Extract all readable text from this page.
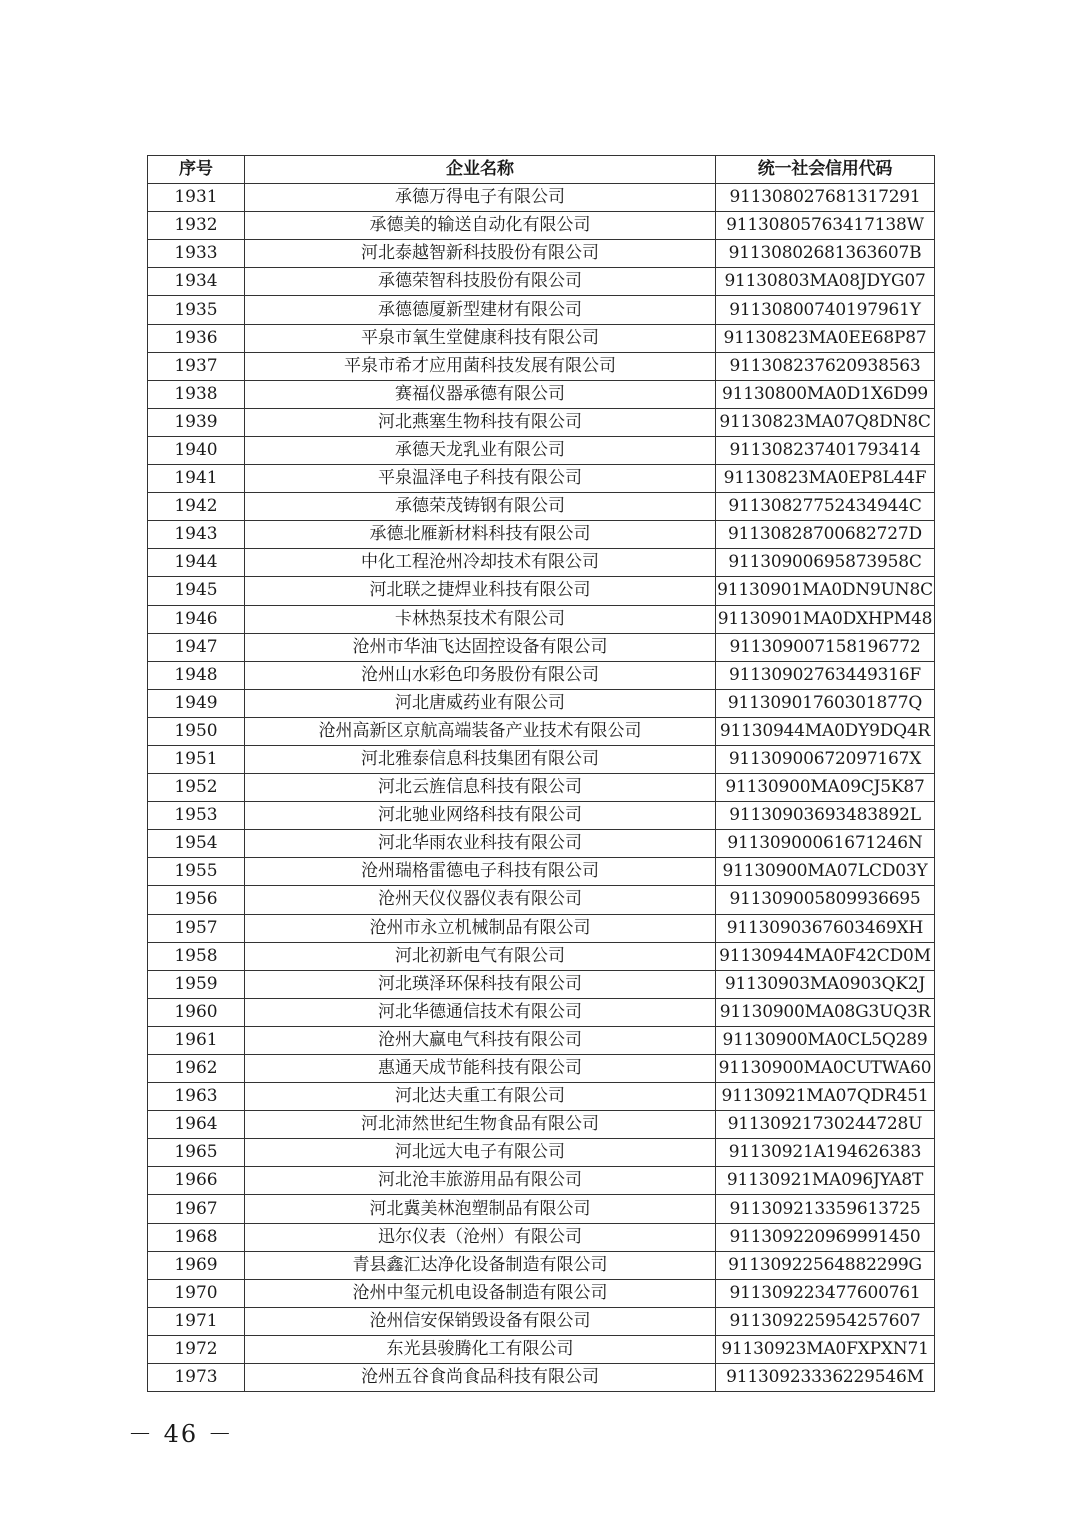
序号	企业名称	统一社会信用代码
1931	承德万得电子有限公司	911308027681317291
1932	承德美的输送自动化有限公司	91130805763417138W
1933	河北泰越智新科技股份有限公司	91130802681363607B
1934	承德荣智科技股份有限公司	91130803MA08JDYG07
1935	承德德厦新型建材有限公司	91130800740197961Y
1936	平泉市氧生堂健康科技有限公司	91130823MA0EE68P87
1937	平泉市希才应用菌科技发展有限公司	911308237620938563
1938	赛福仪器承德有限公司	91130800MA0D1X6D99
1939	河北燕塞生物科技有限公司	91130823MA07Q8DN8C
1940	承德天龙乳业有限公司	911308237401793414
1941	平泉温泽电子科技有限公司	91130823MA0EP8L44F
1942	承德荣茂铸钢有限公司	91130827752434944C
1943	承德北雁新材料科技有限公司	91130828700682727D
1944	中化工程沧州冷却技术有限公司	91130900695873958C
1945	河北联之捷焊业科技有限公司	91130901MA0DN9UN8C
1946	卡林热泵技术有限公司	91130901MA0DXHPM48
1947	沧州市华油飞达固控设备有限公司	911309007158196772
1948	沧州山水彩色印务股份有限公司	91130902763449316F
1949	河北唐威药业有限公司	91130901760301877Q
1950	沧州高新区京航高端装备产业技术有限公司	91130944MA0DY9DQ4R
1951	河北雅泰信息科技集团有限公司	91130900672097167X
1952	河北云旌信息科技有限公司	91130900MA09CJ5K87
1953	河北驰业网络科技有限公司	91130903693483892L
1954	河北华雨农业科技有限公司	91130900061671246N
1955	沧州瑞格雷德电子科技有限公司	91130900MA07LCD03Y
1956	沧州天仪仪器仪表有限公司	911309005809936695
1957	沧州市永立机械制品有限公司	9113090367603469XH
1958	河北初新电气有限公司	91130944MA0F42CD0M
1959	河北瑛泽环保科技有限公司	91130903MA0903QK2J
1960	河北华德通信技术有限公司	91130900MA08G3UQ3R
1961	沧州大赢电气科技有限公司	91130900MA0CL5Q289
1962	惠通天成节能科技有限公司	91130900MA0CUTWA60
1963	河北达夫重工有限公司	91130921MA07QDR451
1964	河北沛然世纪生物食品有限公司	91130921730244728U
1965	河北远大电子有限公司	91130921A194626383
1966	河北沧丰旅游用品有限公司	91130921MA096JYA8T
1967	河北冀美林泡塑制品有限公司	911309213359613725
1968	迅尔仪表（沧州）有限公司	911309220969991450
1969	青县鑫汇达净化设备制造有限公司	91130922564882299G
1970	沧州中玺元机电设备制造有限公司	911309223477600761
1971	沧州信安保销毁设备有限公司	911309225954257607
1972	东光县骏腾化工有限公司	91130923MA0FXPXN71
1973	沧州五谷食尚食品科技有限公司	91130923336229546M
－ 46 －
